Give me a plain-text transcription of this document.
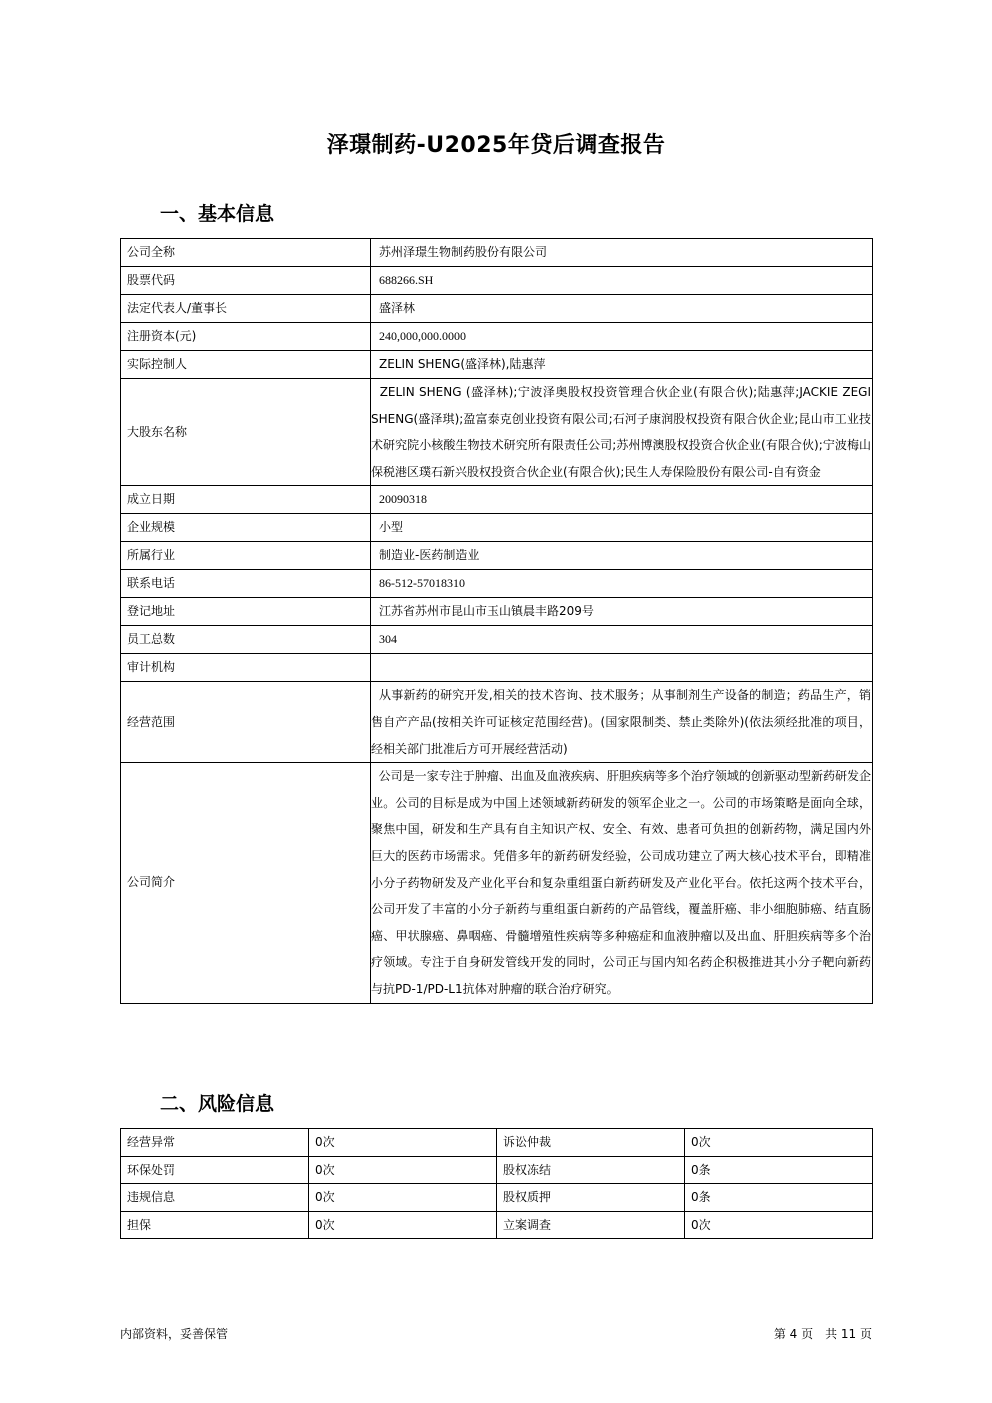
泽璟制药-U2025年贷后调查报告
一、基本信息
公司全称	苏州泽璟生物制药股份有限公司
股票代码	688266.SH
法定代表人/董事长	盛泽林
注册资本(元)	240,000,000.0000
实际控制人	ZELIN SHENG(盛泽林),陆惠萍
大股东名称	ZELIN SHENG (盛泽林);宁波泽奥股权投资管理合伙企业(有限合伙);陆惠萍;JACKIE ZEGI SHENG(盛泽琪);盈富泰克创业投资有限公司;石河子康润股权投资有限合伙企业;昆山市工业技术研究院小核酸生物技术研究所有限责任公司;苏州博澳股权投资合伙企业(有限合伙);宁波梅山保税港区璞石新兴股权投资合伙企业(有限合伙);民生人寿保险股份有限公司-自有资金
成立日期	20090318
企业规模	小型
所属行业	制造业-医药制造业
联系电话	86-512-57018310
登记地址	江苏省苏州市昆山市玉山镇晨丰路209号
员工总数	304
审计机构	
经营范围	从事新药的研究开发,相关的技术咨询、技术服务；从事制剂生产设备的制造；药品生产，销售自产产品(按相关许可证核定范围经营)。(国家限制类、禁止类除外)(依法须经批准的项目，经相关部门批准后方可开展经营活动)
公司简介	公司是一家专注于肿瘤、出血及血液疾病、肝胆疾病等多个治疗领域的创新驱动型新药研发企业。公司的目标是成为中国上述领域新药研发的领军企业之一。公司的市场策略是面向全球，聚焦中国，研发和生产具有自主知识产权、安全、有效、患者可负担的创新药物，满足国内外巨大的医药市场需求。凭借多年的新药研发经验，公司成功建立了两大核心技术平台，即精准小分子药物研发及产业化平台和复杂重组蛋白新药研发及产业化平台。依托这两个技术平台，公司开发了丰富的小分子新药与重组蛋白新药的产品管线，覆盖肝癌、非小细胞肺癌、结直肠癌、甲状腺癌、鼻咽癌、骨髓增殖性疾病等多种癌症和血液肿瘤以及出血、肝胆疾病等多个治疗领域。专注于自身研发管线开发的同时，公司正与国内知名药企积极推进其小分子靶向新药与抗PD-1/PD-L1抗体对肿瘤的联合治疗研究。
二、风险信息
经营异常	0次	诉讼仲裁	0次
环保处罚	0次	股权冻结	0条
违规信息	0次	股权质押	0条
担保	0次	立案调查	0次
内部资料，妥善保管	第 4 页　共 11 页
